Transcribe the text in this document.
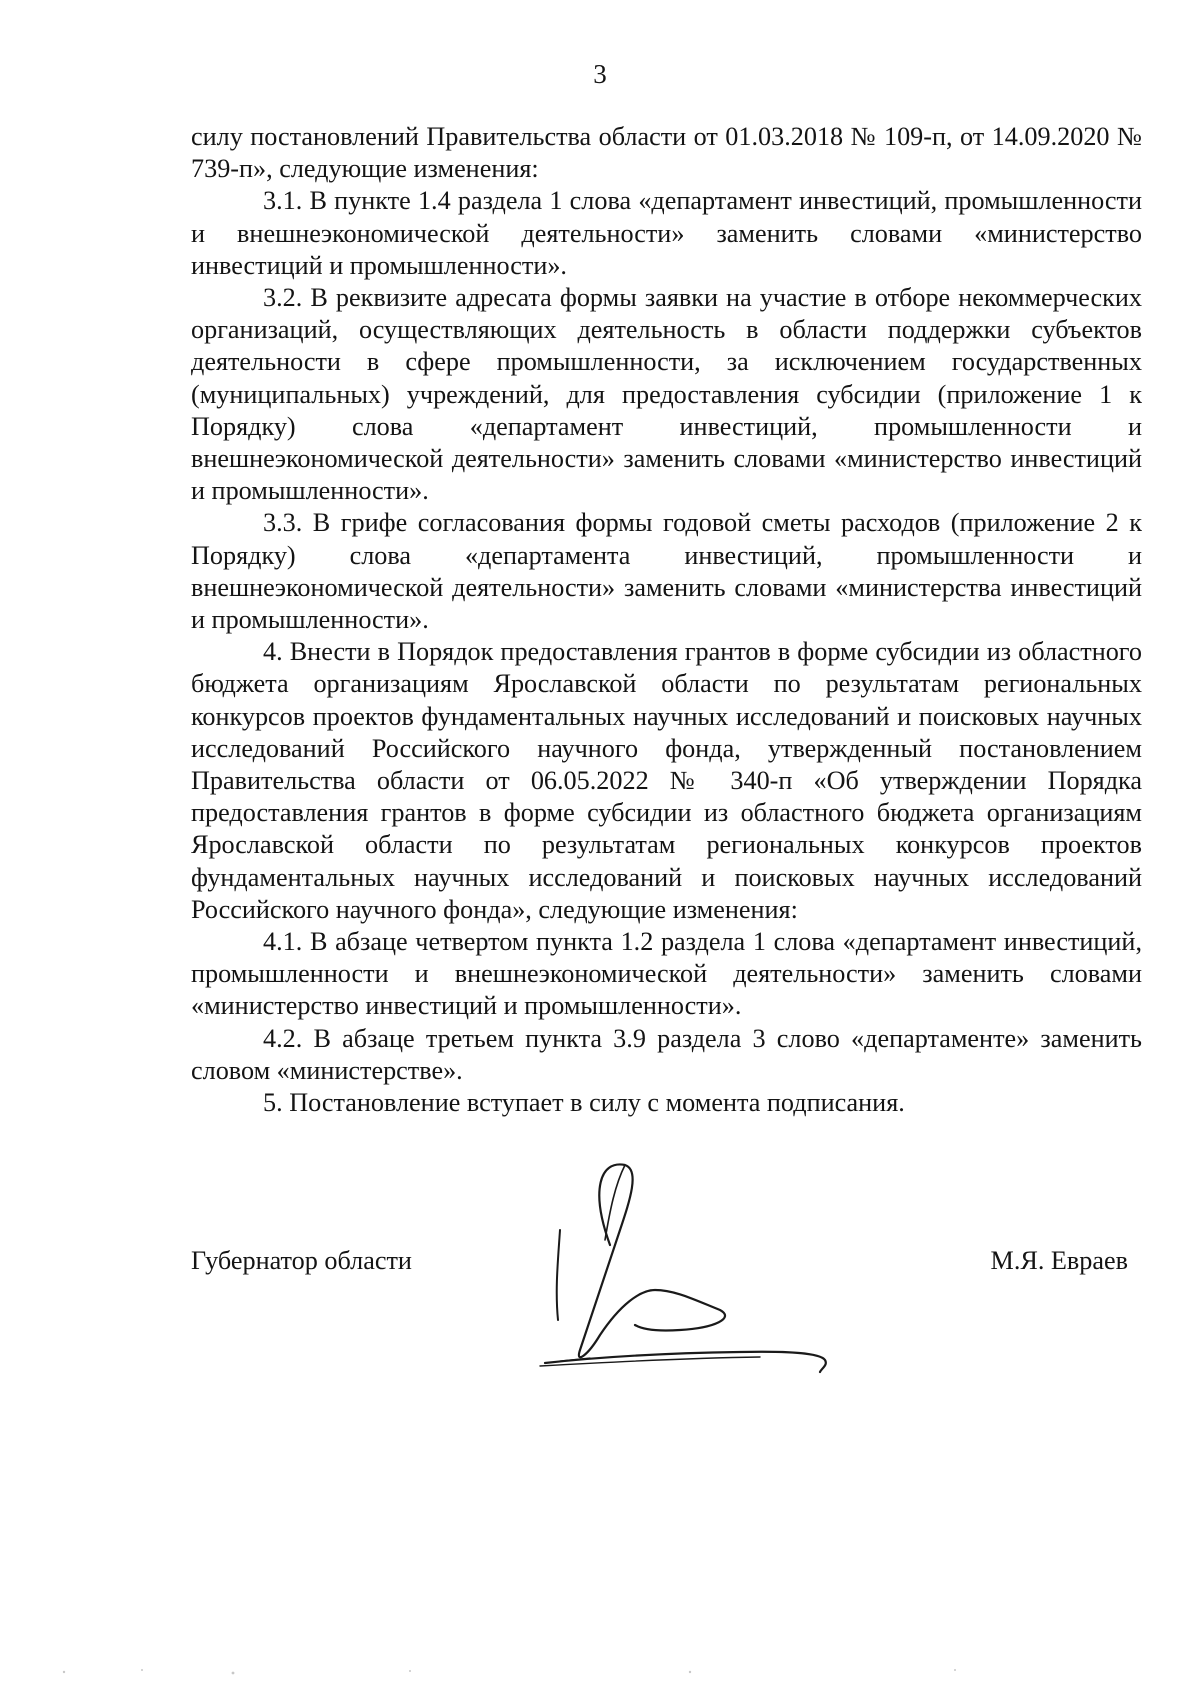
3

силу постановлений Правительства области от 01.03.2018 № 109-п, от 14.09.2020 № 739-п», следующие изменения:

3.1. В пункте 1.4 раздела 1 слова «департамент инвестиций, промышленности и внешнеэкономической деятельности» заменить словами «министерство инвестиций и промышленности».

3.2. В реквизите адресата формы заявки на участие в отборе некоммерческих организаций, осуществляющих деятельность в области поддержки субъектов деятельности в сфере промышленности, за исключением государственных (муниципальных) учреждений, для предоставления субсидии (приложение 1 к Порядку) слова «департамент инвестиций, промышленности и внешнеэкономической деятельности» заменить словами «министерство инвестиций и промышленности».

3.3. В грифе согласования формы годовой сметы расходов (приложение 2 к Порядку) слова «департамента инвестиций, промышленности и внешнеэкономической деятельности» заменить словами «министерства инвестиций и промышленности».

4. Внести в Порядок предоставления грантов в форме субсидии из областного бюджета организациям Ярославской области по результатам региональных конкурсов проектов фундаментальных научных исследований и поисковых научных исследований Российского научного фонда, утвержденный постановлением Правительства области от 06.05.2022 № 340-п «Об утверждении Порядка предоставления грантов в форме субсидии из областного бюджета организациям Ярославской области по результатам региональных конкурсов проектов фундаментальных научных исследований и поисковых научных исследований Российского научного фонда», следующие изменения:

4.1. В абзаце четвертом пункта 1.2 раздела 1 слова «департамент инвестиций, промышленности и внешнеэкономической деятельности» заменить словами «министерство инвестиций и промышленности».

4.2. В абзаце третьем пункта 3.9 раздела 3 слово «департаменте» заменить словом «министерстве».

5. Постановление вступает в силу с момента подписания.

Губернатор области	М.Я. Евраев
